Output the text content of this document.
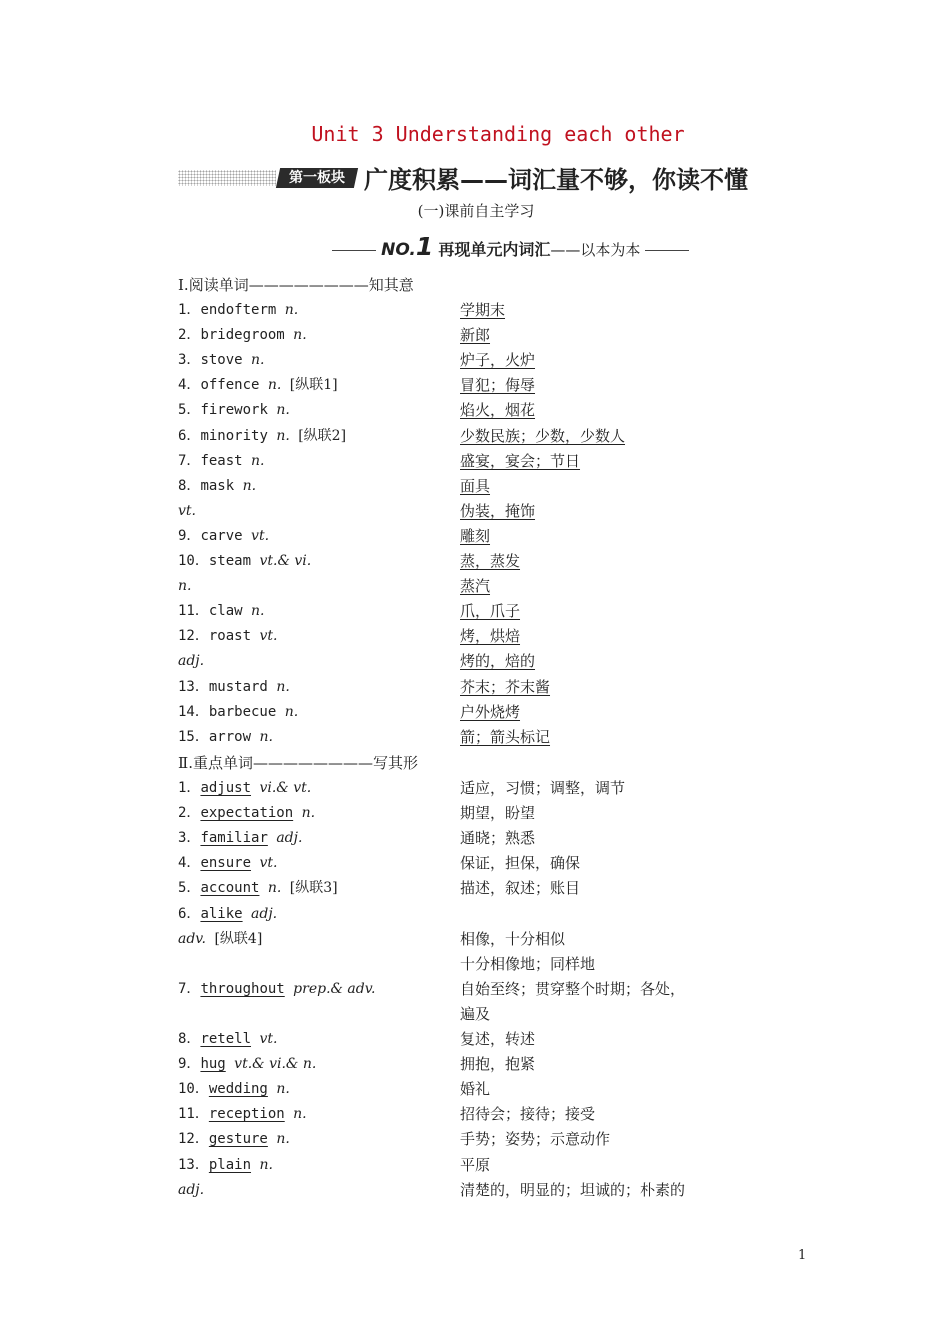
Unit 3 Understanding each other
第一板块 广度积累——词汇量不够，你读不懂
(一)课前自主学习
NO.1 再现单元内词汇——以本为本
Ⅰ.阅读单词————————知其意
1．endofterm n.	学期末
2．bridegroom n.	新郎
3．stove n.	炉子，火炉
4．offence n. [纵联1]	冒犯；侮辱
5．firework n.	焰火，烟花
6．minority n. [纵联2]	少数民族；少数，少数人
7．feast n.	盛宴，宴会；节日
8．mask n.	面具
vt.	伪装，掩饰
9．carve vt.	雕刻
10．steam vt.& vi.	蒸，蒸发
n.	蒸汽
11．claw n.	爪，爪子
12．roast vt.	烤，烘焙
adj.	烤的，焙的
13．mustard n.	芥末；芥末酱
14．barbecue n.	户外烧烤
15．arrow n.	箭；箭头标记
Ⅱ.重点单词————————写其形
1．adjust vi.& vt.	适应，习惯；调整，调节
2．expectation n.	期望，盼望
3．familiar adj.	通晓；熟悉
4．ensure vt.	保证，担保，确保
5．account n. [纵联3]	描述，叙述；账目
6．alike adj.
adv. [纵联4]	相像，十分相似
十分相像地；同样地
7．throughout prep.& adv.	自始至终；贯穿整个时期；各处，
遍及
8．retell vt.	复述，转述
9．hug vt.& vi.& n.	拥抱，抱紧
10．wedding n.	婚礼
11．reception n.	招待会；接待；接受
12．gesture n.	手势；姿势；示意动作
13．plain n.	平原
adj.	清楚的，明显的；坦诚的；朴素的
1
